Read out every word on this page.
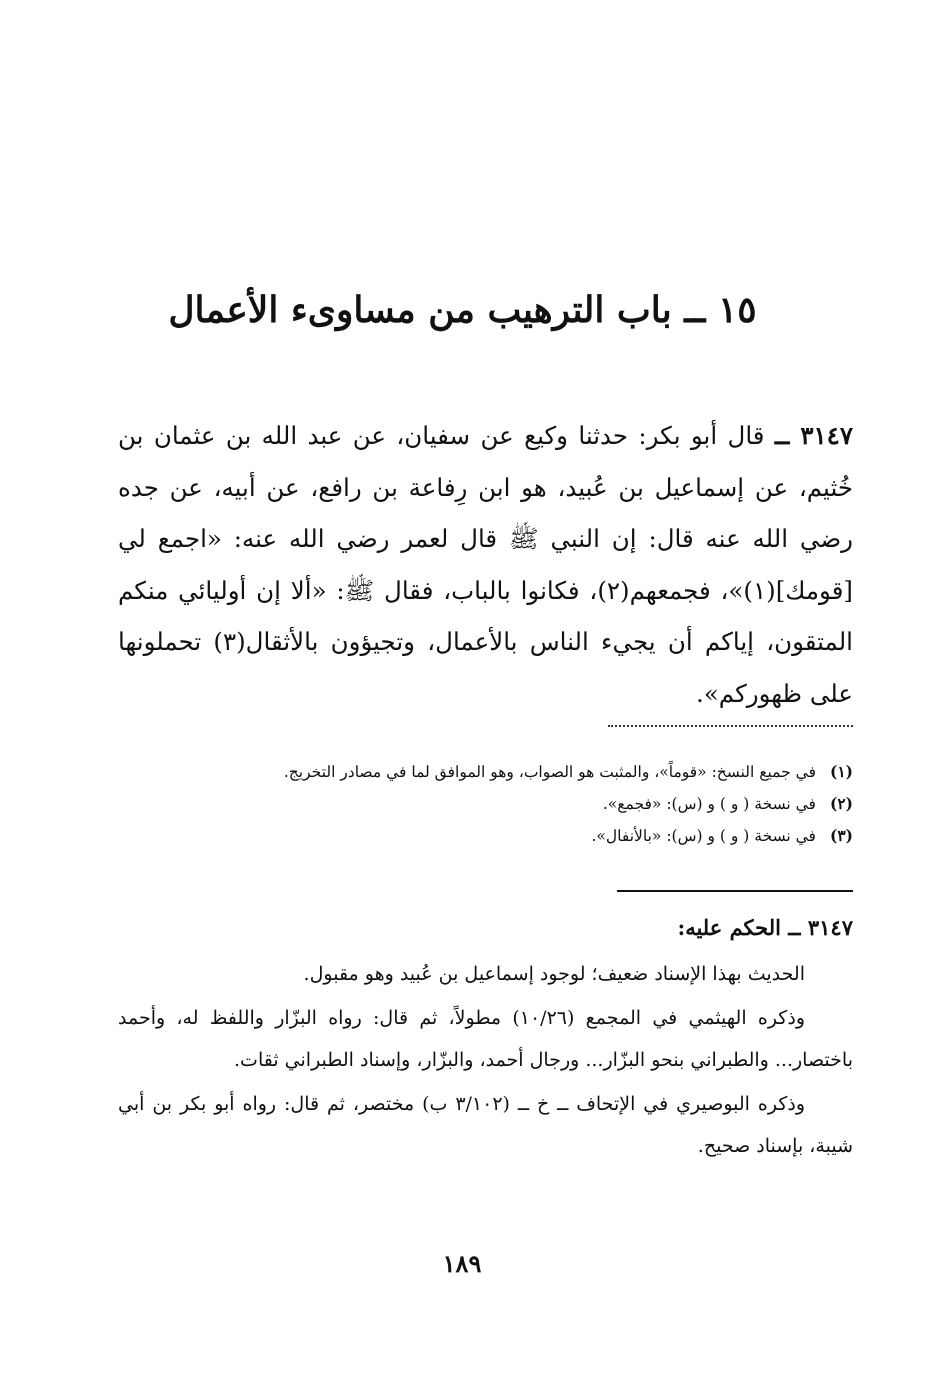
١٥ ــ باب الترهيب من مساوىء الأعمال

٣١٤٧ ــ قال أبو بكر: حدثنا وكيع عن سفيان، عن عبد الله بن عثمان بن خُثيم، عن إسماعيل بن عُبيد، هو ابن رِفاعة بن رافع، عن أبيه، عن جده رضي الله عنه قال: إن النبي ﷺ قال لعمر رضي الله عنه: «اجمع لي [قومك](١)»، فجمعهم(٢)، فكانوا بالباب، فقال ﷺ: «ألا إن أوليائي منكم المتقون، إياكم أن يجيء الناس بالأعمال، وتجيؤون بالأثقال(٣) تحملونها على ظهوركم».

(١)في جميع النسخ: «قوماً»، والمثبت هو الصواب، وهو الموافق لما في مصادر التخريج.
(٢)في نسخة ( و ) و (س): «فجمع».
(٣)في نسخة ( و ) و (س): «بالأنفال».
٣١٤٧ ــ الحكم عليه:

الحديث بهذا الإسناد ضعيف؛ لوجود إسماعيل بن عُبيد وهو مقبول.

وذكره الهيثمي في المجمع (١٠/٢٦) مطولاً، ثم قال: رواه البزّار واللفظ له، وأحمد باختصار... والطبراني بنحو البزّار... ورجال أحمد، والبزّار، وإسناد الطبراني ثقات.

وذكره البوصيري في الإتحاف ــ خ ــ (٣/١٠٢ ب) مختصر، ثم قال: رواه أبو بكر بن أبي شيبة، بإسناد صحيح.

١٨٩
